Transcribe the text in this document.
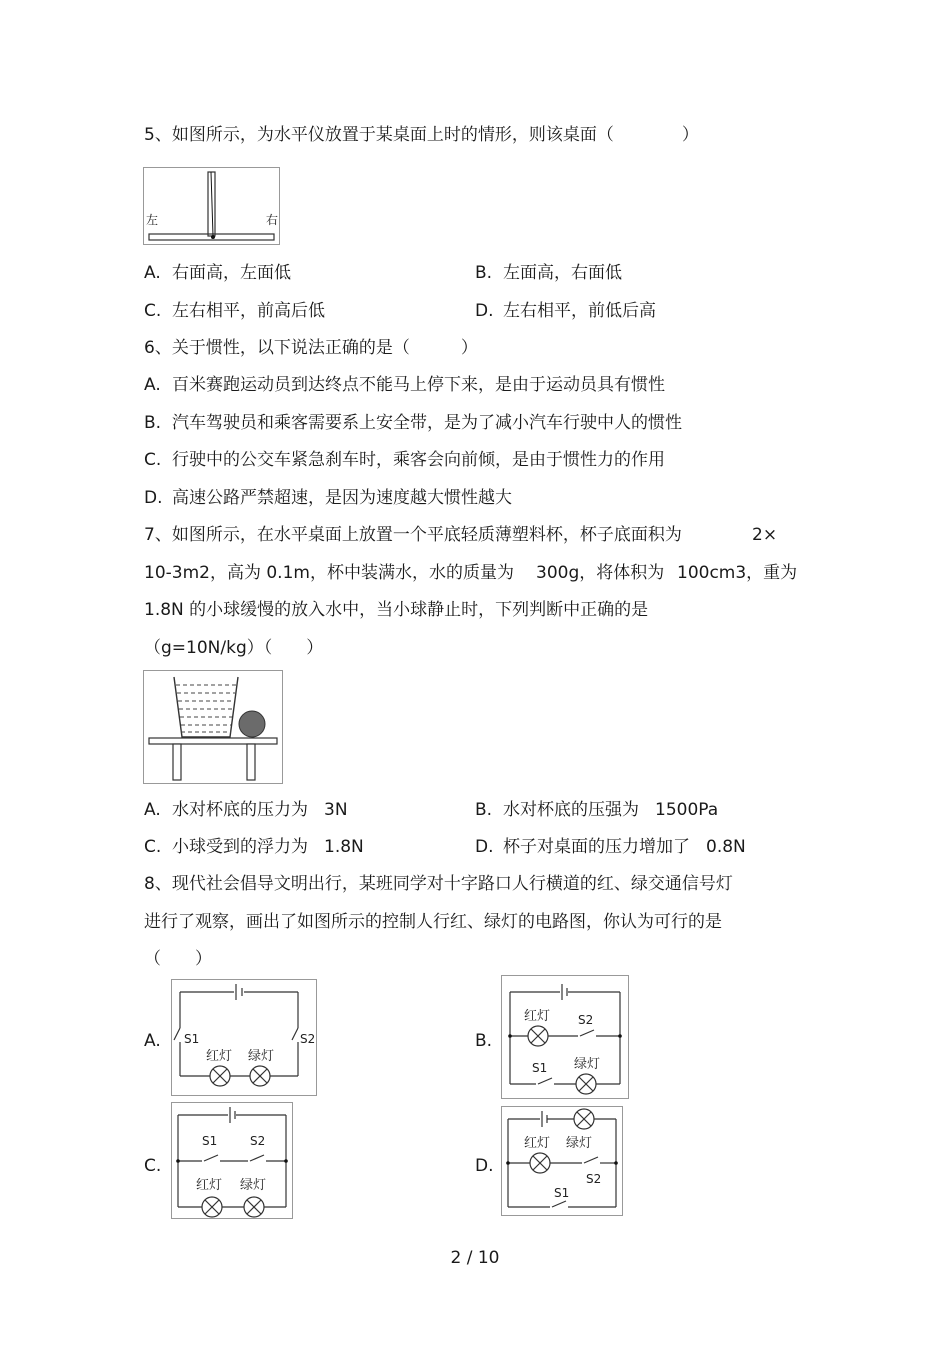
5、如图所示，为水平仪放置于某桌面上时的情形，则该桌面（　　　　）
左	右
A. 右面高，左面低	B. 左面高，右面低
C. 左右相平，前高后低	D. 左右相平，前低后高
6、关于惯性，以下说法正确的是（　　　）
A. 百米赛跑运动员到达终点不能马上停下来，是由于运动员具有惯性
B. 汽车驾驶员和乘客需要系上安全带，是为了减小汽车行驶中人的惯性
C. 行驶中的公交车紧急刹车时，乘客会向前倾，是由于惯性力的作用
D. 高速公路严禁超速，是因为速度越大惯性越大
7、如图所示，在水平桌面上放置一个平底轻质薄塑料杯，杯子底面积为	2×
10-3m2，高为 0.1m，杯中装满水，水的质量为 300g，将体积为 100cm3，重为
1.8N 的小球缓慢的放入水中，当小球静止时，下列判断中正确的是
（g=10N/kg）（　　）
A. 水对杯底的压力为 3N	B. 水对杯底的压强为 1500Pa
C. 小球受到的浮力为 1.8N	D. 杯子对桌面的压力增加了 0.8N
8、现代社会倡导文明出行，某班同学对十字路口人行横道的红、绿交通信号灯
进行了观察，画出了如图所示的控制人行红、绿灯的电路图，你认为可行的是
（　　）
A. S1	S2
红灯 绿灯
B.
红灯 S2
S1 绿灯
C.
S1	S2
红灯 绿灯
D.
红灯 绿灯
S2
S1
2 / 10
